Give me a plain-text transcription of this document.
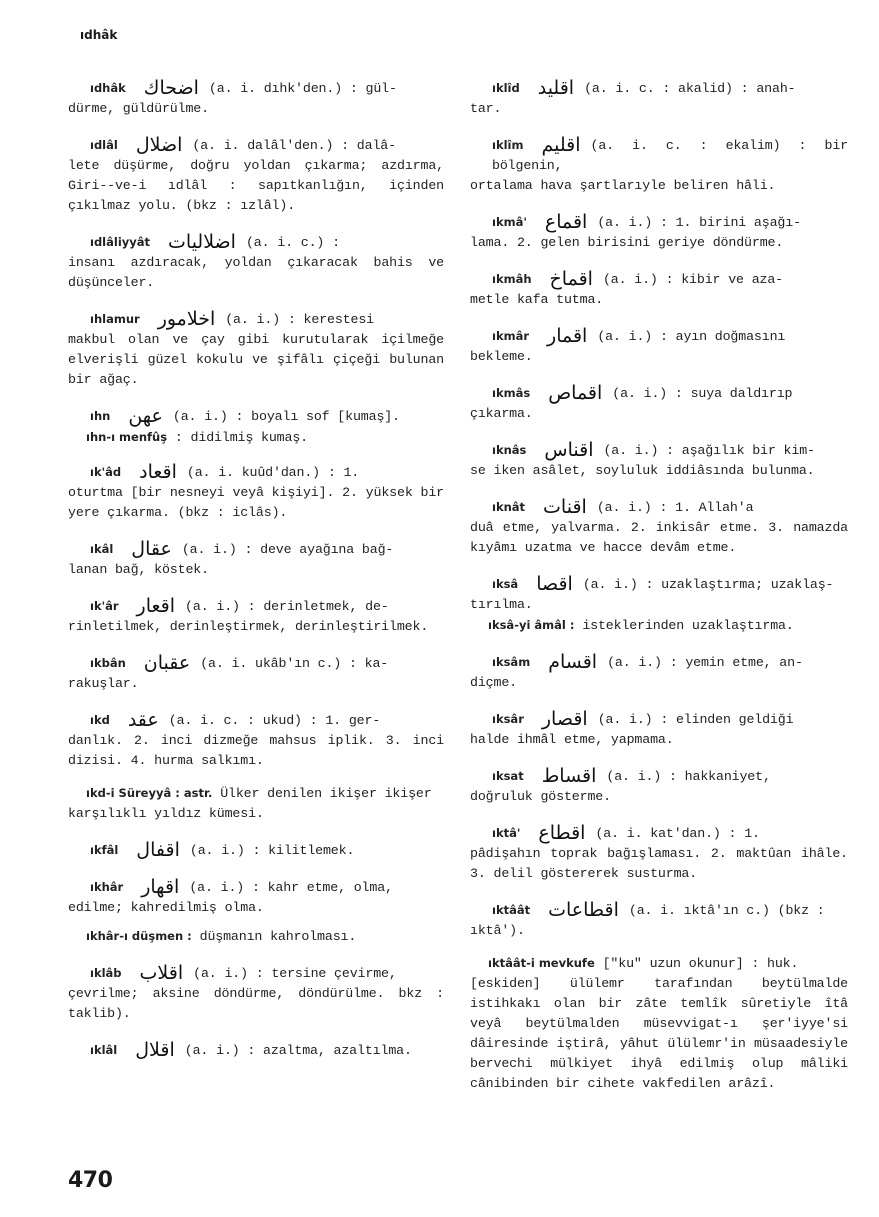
ıdhâk
ıdhâk اضحاك (a. i. dıhk'den.) : gül-
dürme, güldürülme.
ıdlâl اضلال (a. i. dalâl'den.) : dalâ-
lete düşürme, doğru yoldan çıkarma; azdırma, Giri--ve-i ıdlâl : sapıtkanlığın, içinden çıkılmaz yolu. (bkz : ızlâl).
ıdlâliyyât اضلاليات (a. i. c.) :
insanı azdıracak, yoldan çıkaracak bahis ve düşünceler.
ıhlamur اخلامور (a. i.) : kerestesi
makbul olan ve çay gibi kurutularak içilmeğe elverişli güzel kokulu ve şifâlı çiçeği bulunan bir ağaç.
ıhn عهن (a. i.) : boyalı sof [kumaş].
ıhn-ı menfûş : didilmiş kumaş.
ık'âd اقعاد (a. i. kuûd'dan.) : 1.
oturtma [bir nesneyi veyâ kişiyi]. 2. yüksek bir yere çıkarma. (bkz : iclâs).
ıkâl عقال (a. i.) : deve ayağına bağ-
lanan bağ, köstek.
ık'âr اقعار (a. i.) : derinletmek, de-
rinletilmek, derinleştirmek, derinleştirilmek.
ıkbân عقبان (a. i. ukâb'ın c.) : ka-
rakuşlar.
ıkd عقد (a. i. c. : ukud) : 1. ger-
danlık. 2. inci dizmeğe mahsus iplik. 3. inci dizisi. 4. hurma salkımı.
ıkd-i Süreyyâ : astr. Ülker denilen ikişer ikişer
karşılıklı yıldız kümesi.
ıkfâl اقفال (a. i.) : kilitlemek.
ıkhâr اقهار (a. i.) : kahr etme, olma,
edilme; kahredilmiş olma.
ıkhâr-ı düşmen : düşmanın kahrolması.
ıklâb اقلاب (a. i.) : tersine çevirme,
çevrilme; aksine döndürme, döndürülme. bkz : taklib).
ıklâl اقلال (a. i.) : azaltma, azaltılma.
ıklîd اقليد (a. i. c. : akalid) : anah-
tar.
ıklîm اقليم (a. i. c. : ekalim) : bir bölgenin,
ortalama hava şartlarıyle beliren hâli.
ıkmâ' اقماع (a. i.) : 1. birini aşağı-
lama. 2. gelen birisini geriye döndürme.
ıkmâh اقماخ (a. i.) : kibir ve aza-
metle kafa tutma.
ıkmâr اقمار (a. i.) : ayın doğmasını
bekleme.
ıkmâs اقماص (a. i.) : suya daldırıp
çıkarma.
ıknâs اقناس (a. i.) : aşağılık bir kim-
se iken asâlet, soyluluk iddiâsında bulunma.
ıknât اقنات (a. i.) : 1. Allah'a
duâ etme, yalvarma. 2. inkisâr etme. 3. namazda kıyâmı uzatma ve hacce devâm etme.
ıksâ اقصا (a. i.) : uzaklaştırma; uzaklaş-
tırılma.
ıksâ-yi âmâl : isteklerinden uzaklaştırma.
ıksâm اقسام (a. i.) : yemin etme, an-
diçme.
ıksâr اقصار (a. i.) : elinden geldiği
halde ihmâl etme, yapmama.
ıksat اقساط (a. i.) : hakkaniyet,
doğruluk gösterme.
ıktâ' اقطاع (a. i. kat'dan.) : 1.
pâdişahın toprak bağışlaması. 2. maktûan ihâle. 3. delil göstererek susturma.
ıktâât اقطاعات (a. i. ıktâ'ın c.) (bkz :
ıktâ').
ıktâât-i mevkufe ["ku" uzun okunur] : huk.
[eskiden] ülülemr tarafından beytülmalde istihkakı olan bir zâte temlîk sûretiyle îtâ veyâ beytülmalden müsevvigat-ı şer'iyye'si dâiresinde iştirâ, yâhut ülülemr'in müsaadesiyle bervechi mülkiyet ihyâ edilmiş olup mâliki cânibinden bir cihete vakfedilen arâzî.
470
